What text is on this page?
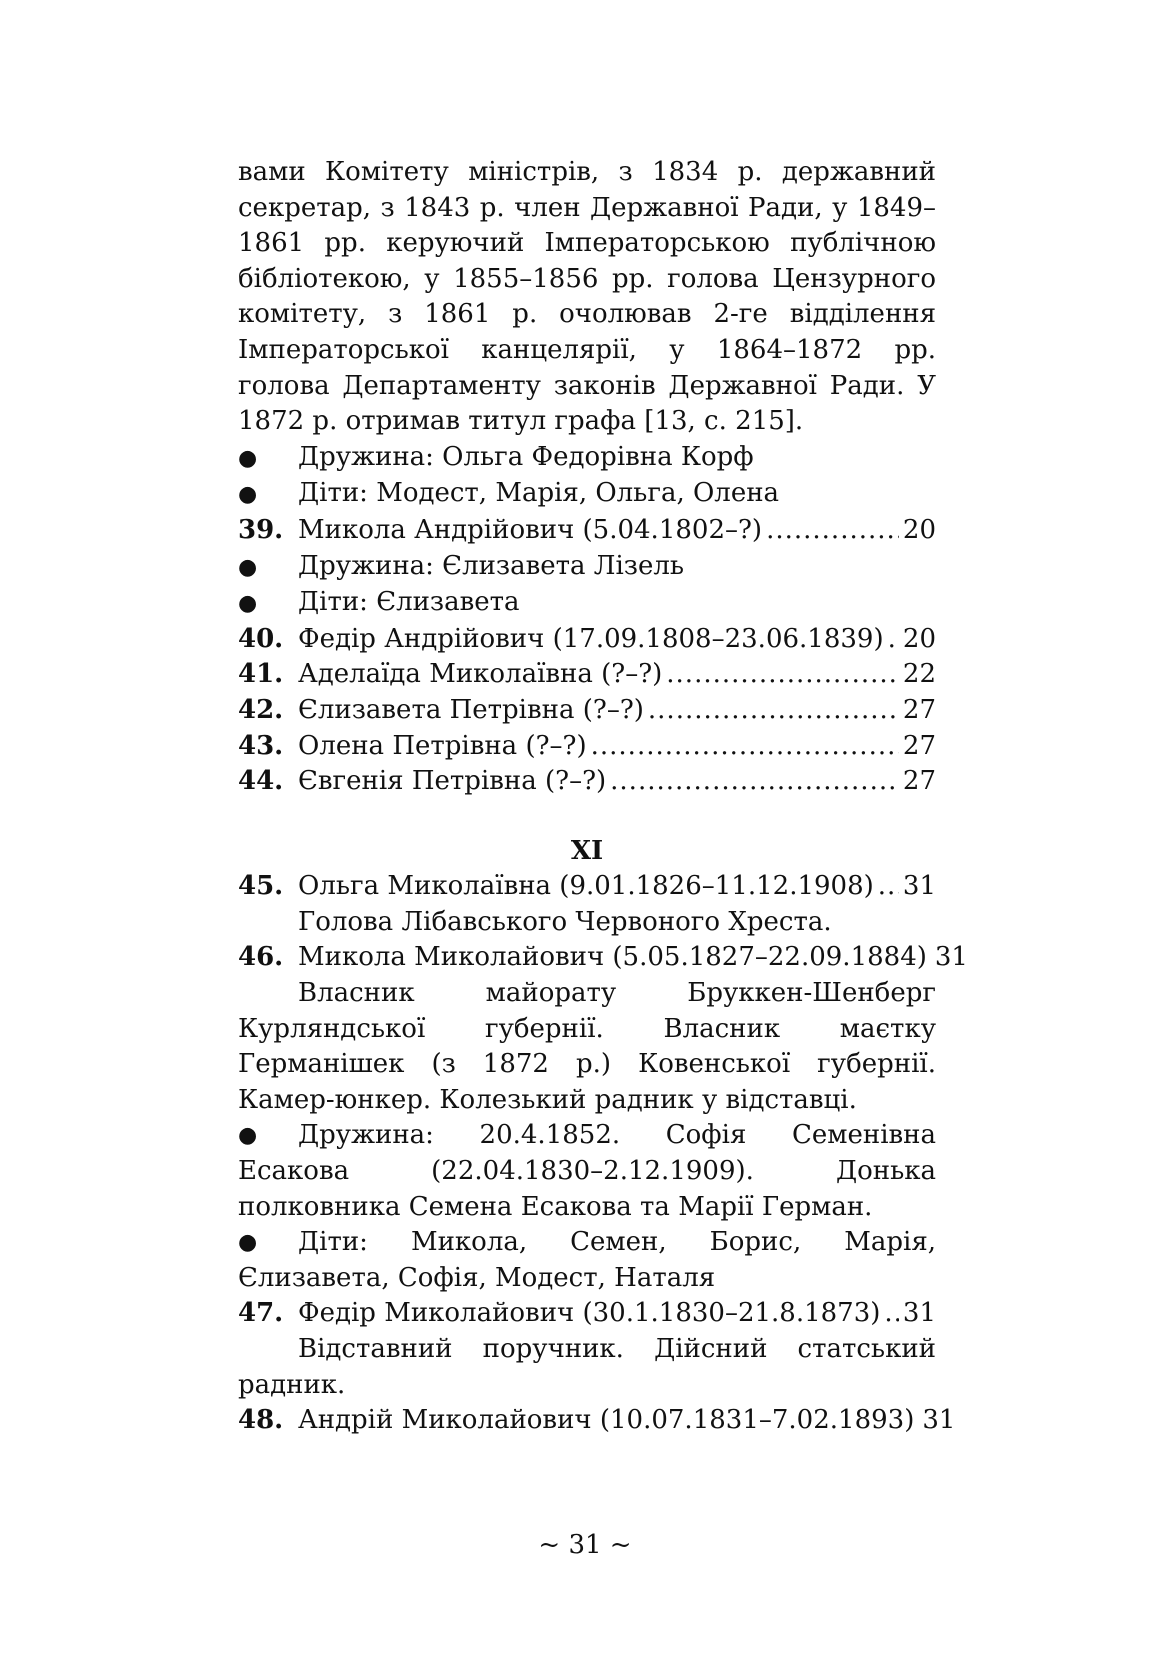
вами Комітету міністрів, з 1834 р. державний секретар, з 1843 р. член Державної Ради, у 1849–1861 рр. керуючий Імператорською публічною бібліотекою, у 1855–1856 рр. голова Цензурного комітету, з 1861 р. очолював 2-ге відділення Імператорської канцелярії, у 1864–1872 рр. голова Департаменту законів Державної Ради. У 1872 р. отримав титул графа [13, с. 215].
●	Дружина: Ольга Федорівна Корф
●	Діти: Модест, Марія, Ольга, Олена
39. Микола Андрійович (5.04.1802–?) .....	20
●	Дружина: Єлизавета Лізель
●	Діти: Єлизавета
40. Федір Андрійович (17.09.1808–23.06.1839) ..... 20
41. Аделаїда Миколаївна (?–?) .....	22
42. Єлизавета Петрівна (?–?) .....	27
43. Олена Петрівна (?–?) .....	27
44. Євгенія Петрівна (?–?) .....	27
XI
45. Ольга Миколаївна (9.01.1826–11.12.1908) ..... 31
Голова Лібавського Червоного Хреста.
46. Микола Миколайович (5.05.1827–22.09.1884) 31
Власник майорату Бруккен-Шенберг Курляндської губернії. Власник маєтку Германішек (з 1872 р.) Ковенської губернії. Камер-юнкер. Колезький радник у відставці.
●	Дружина: 20.4.1852. Софія Семенівна Есакова (22.04.1830–2.12.1909). Донька полковника Семена Есакова та Марії Герман.
●	Діти: Микола, Семен, Борис, Марія, Єлизавета, Софія, Модест, Наталя
47. Федір Миколайович (30.1.1830–21.8.1873) ..... 31
Відставний поручник. Дійсний статський радник.
48. Андрій Миколайович (10.07.1831–7.02.1893) 31
~ 31 ~
